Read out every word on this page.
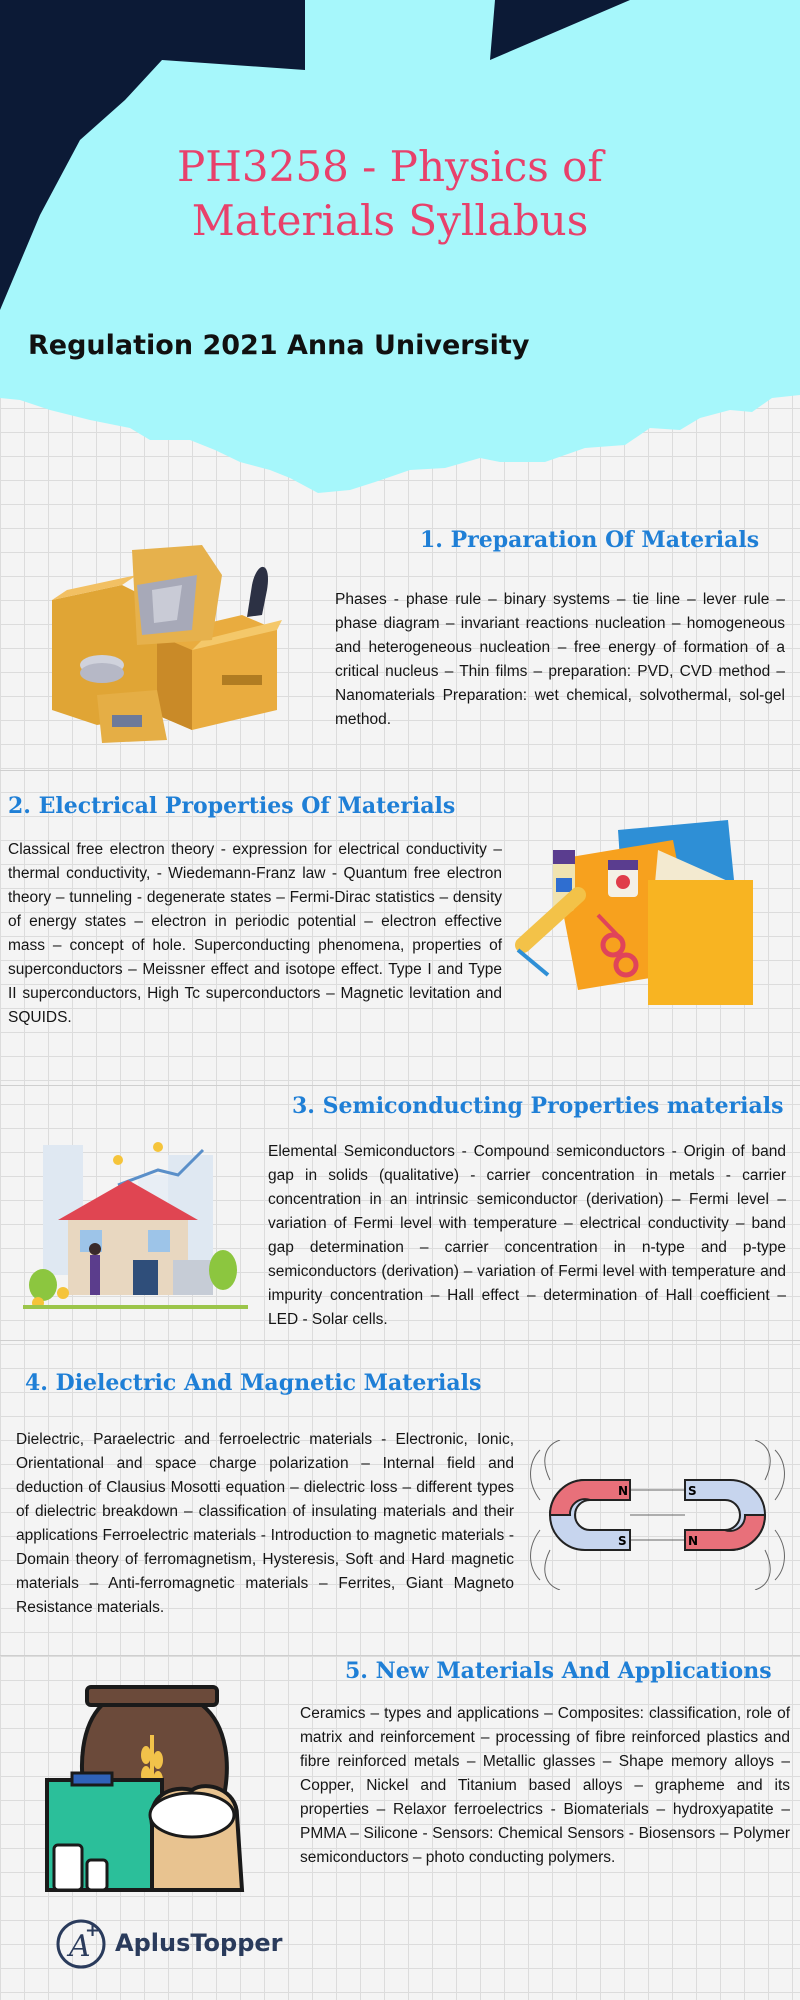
PH3258 - Physics of Materials Syllabus
Regulation 2021 Anna University
1. Preparation Of Materials
Phases - phase rule – binary systems – tie line – lever rule – phase diagram – invariant reactions nucleation – homogeneous and heterogeneous nucleation – free energy of formation of a critical nucleus – Thin films – preparation: PVD, CVD method – Nanomaterials Preparation: wet chemical, solvothermal, sol-gel method.
2. Electrical Properties Of Materials
Classical free electron theory - expression for electrical conductivity – thermal conductivity, - Wiedemann-Franz law - Quantum free electron theory – tunneling - degenerate states – Fermi-Dirac statistics – density of energy states – electron in periodic potential – electron effective mass – concept of hole. Superconducting phenomena, properties of superconductors – Meissner effect and isotope effect. Type I and Type II superconductors, High Tc superconductors – Magnetic levitation and SQUIDS.
3. Semiconducting Properties materials
Elemental Semiconductors - Compound semiconductors - Origin of band gap in solids (qualitative) - carrier concentration in metals - carrier concentration in an intrinsic semiconductor (derivation) – Fermi level – variation of Fermi level with temperature – electrical conductivity – band gap determination – carrier concentration in n-type and p-type semiconductors (derivation) – variation of Fermi level with temperature and impurity concentration – Hall effect – determination of Hall coefficient – LED - Solar cells.
4. Dielectric And Magnetic Materials
Dielectric, Paraelectric and ferroelectric materials - Electronic, Ionic, Orientational and space charge polarization – Internal field and deduction of Clausius Mosotti equation – dielectric loss – different types of dielectric breakdown – classification of insulating materials and their applications Ferroelectric materials - Introduction to magnetic materials - Domain theory of ferromagnetism, Hysteresis, Soft and Hard magnetic materials – Anti-ferromagnetic materials – Ferrites, Giant Magneto Resistance materials.
N	S
S	N
5. New Materials And Applications
Ceramics – types and applications – Composites: classification, role of matrix and reinforcement – processing of fibre reinforced plastics and fibre reinforced metals – Metallic glasses – Shape memory alloys – Copper, Nickel and Titanium based alloys – grapheme and its properties – Relaxor ferroelectrics - Biomaterials – hydroxyapatite – PMMA – Silicone - Sensors: Chemical Sensors - Biosensors – Polymer semiconductors – photo conducting polymers.
A
+ AplusTopper
